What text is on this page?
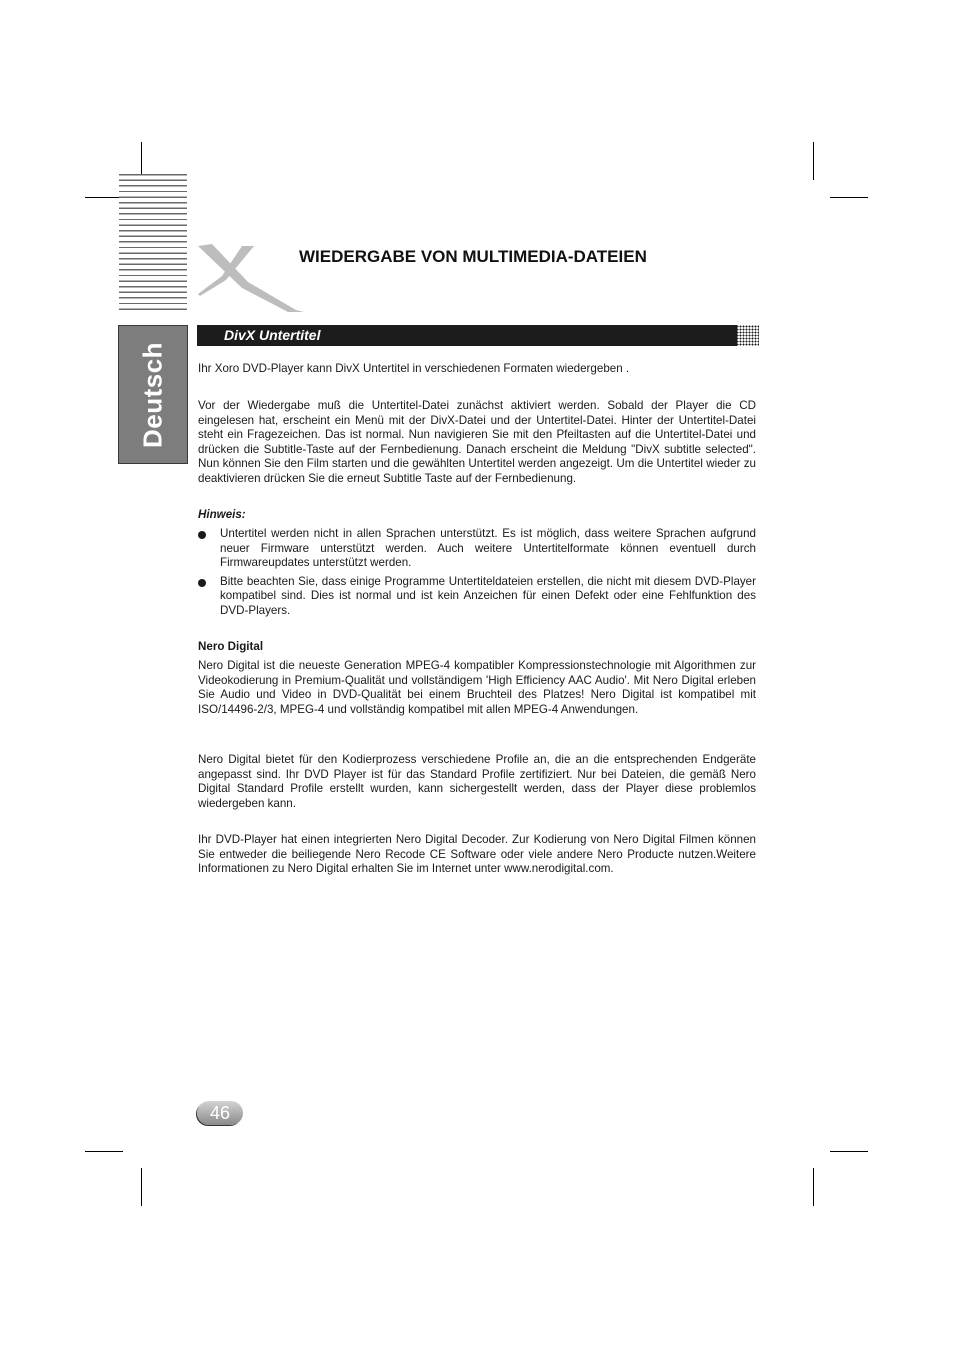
Deutsch
WIEDERGABE VON MULTIMEDIA-DATEIEN
DivX Untertitel

Ihr Xoro DVD-Player kann DivX Untertitel in verschiedenen Formaten wiedergeben .

Vor der Wiedergabe muß die Untertitel-Datei zunächst aktiviert werden. Sobald der Player die CD eingelesen hat, erscheint ein Menü mit der DivX-Datei und der Untertitel-Datei. Hinter der Untertitel-Datei steht ein Fragezeichen. Das ist normal. Nun navigieren Sie mit den Pfeiltasten auf die Untertitel-Datei und drücken die Subtitle-Taste auf der Fernbedienung. Danach erscheint die Meldung "DivX subtitle selected". Nun können Sie den Film starten und die gewählten Untertitel werden angezeigt. Um die Untertitel wieder zu deaktivieren drücken Sie die erneut Subtitle Taste auf der Fernbedienung.

Hinweis:
Untertitel werden nicht in allen Sprachen unterstützt. Es ist möglich, dass weitere Sprachen aufgrund neuer Firmware unterstützt werden. Auch weitere Untertitelformate können eventuell durch Firmwareupdates unterstützt werden.
Bitte beachten Sie, dass einige Programme Untertiteldateien erstellen, die nicht mit diesem DVD-Player kompatibel sind. Dies ist normal und ist kein Anzeichen für einen Defekt oder eine Fehlfunktion des DVD-Players.
Nero Digital

Nero Digital ist die neueste Generation MPEG-4 kompatibler Kompressionstechnologie mit Algorithmen zur Videokodierung in Premium-Qualität und vollständigem 'High Efficiency AAC Audio'. Mit Nero Digital erleben Sie Audio und Video in DVD-Qualität bei einem Bruchteil des Platzes! Nero Digital ist kompatibel mit ISO/14496-2/3, MPEG-4 und vollständig kompatibel mit allen MPEG-4 Anwendungen.

Nero Digital bietet für den Kodierprozess verschiedene Profile an, die an die entsprechenden Endgeräte angepasst sind. Ihr DVD Player ist für das Standard Profile zertifiziert. Nur bei Dateien, die gemäß Nero Digital Standard Profile erstellt wurden, kann sichergestellt werden, dass der Player diese problemlos wiedergeben kann.

Ihr DVD-Player hat einen integrierten Nero Digital Decoder. Zur Kodierung von Nero Digital Filmen können Sie entweder die beiliegende Nero Recode CE Software oder viele andere Nero Producte nutzen.Weitere Informationen zu Nero Digital erhalten Sie im Internet unter www.nerodigital.com.

46
